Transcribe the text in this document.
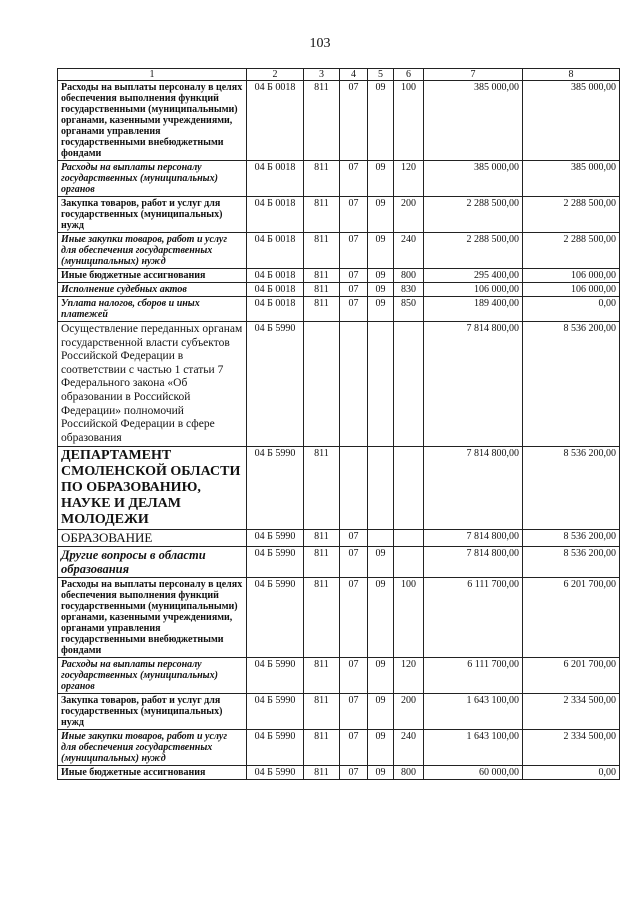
103
1	2	3	4	5	6	7	8
Расходы на выплаты персоналу в целях обеспечения выполнения функций государственными (муниципальными) органами, казенными учреждениями, органами управления государственными внебюджетными фондами	04 Б 0018	811	07	09	100	385 000,00	385 000,00
Расходы на выплаты персоналу государственных (муниципальных) органов	04 Б 0018	811	07	09	120	385 000,00	385 000,00
Закупка товаров, работ и услуг для государственных (муниципальных) нужд	04 Б 0018	811	07	09	200	2 288 500,00	2 288 500,00
Иные закупки товаров, работ и услуг для обеспечения государственных (муниципальных) нужд	04 Б 0018	811	07	09	240	2 288 500,00	2 288 500,00
Иные бюджетные ассигнования	04 Б 0018	811	07	09	800	295 400,00	106 000,00
Исполнение судебных актов	04 Б 0018	811	07	09	830	106 000,00	106 000,00
Уплата налогов, сборов и иных платежей	04 Б 0018	811	07	09	850	189 400,00	0,00
Осуществление переданных органам государственной власти субъектов Российской Федерации в соответствии с частью 1 статьи 7 Федерального закона «Об образовании в Российской Федерации» полномочий Российской Федерации в сфере образования	04 Б 5990					7 814 800,00	8 536 200,00
ДЕПАРТАМЕНТ СМОЛЕНСКОЙ ОБЛАСТИ ПО ОБРАЗОВАНИЮ, НАУКЕ И ДЕЛАМ МОЛОДЕЖИ	04 Б 5990	811				7 814 800,00	8 536 200,00
ОБРАЗОВАНИЕ	04 Б 5990	811	07			7 814 800,00	8 536 200,00
Другие вопросы в области образования	04 Б 5990	811	07	09		7 814 800,00	8 536 200,00
Расходы на выплаты персоналу в целях обеспечения выполнения функций государственными (муниципальными) органами, казенными учреждениями, органами управления государственными внебюджетными фондами	04 Б 5990	811	07	09	100	6 111 700,00	6 201 700,00
Расходы на выплаты персоналу государственных (муниципальных) органов	04 Б 5990	811	07	09	120	6 111 700,00	6 201 700,00
Закупка товаров, работ и услуг для государственных (муниципальных) нужд	04 Б 5990	811	07	09	200	1 643 100,00	2 334 500,00
Иные закупки товаров, работ и услуг для обеспечения государственных (муниципальных) нужд	04 Б 5990	811	07	09	240	1 643 100,00	2 334 500,00
Иные бюджетные ассигнования	04 Б 5990	811	07	09	800	60 000,00	0,00
